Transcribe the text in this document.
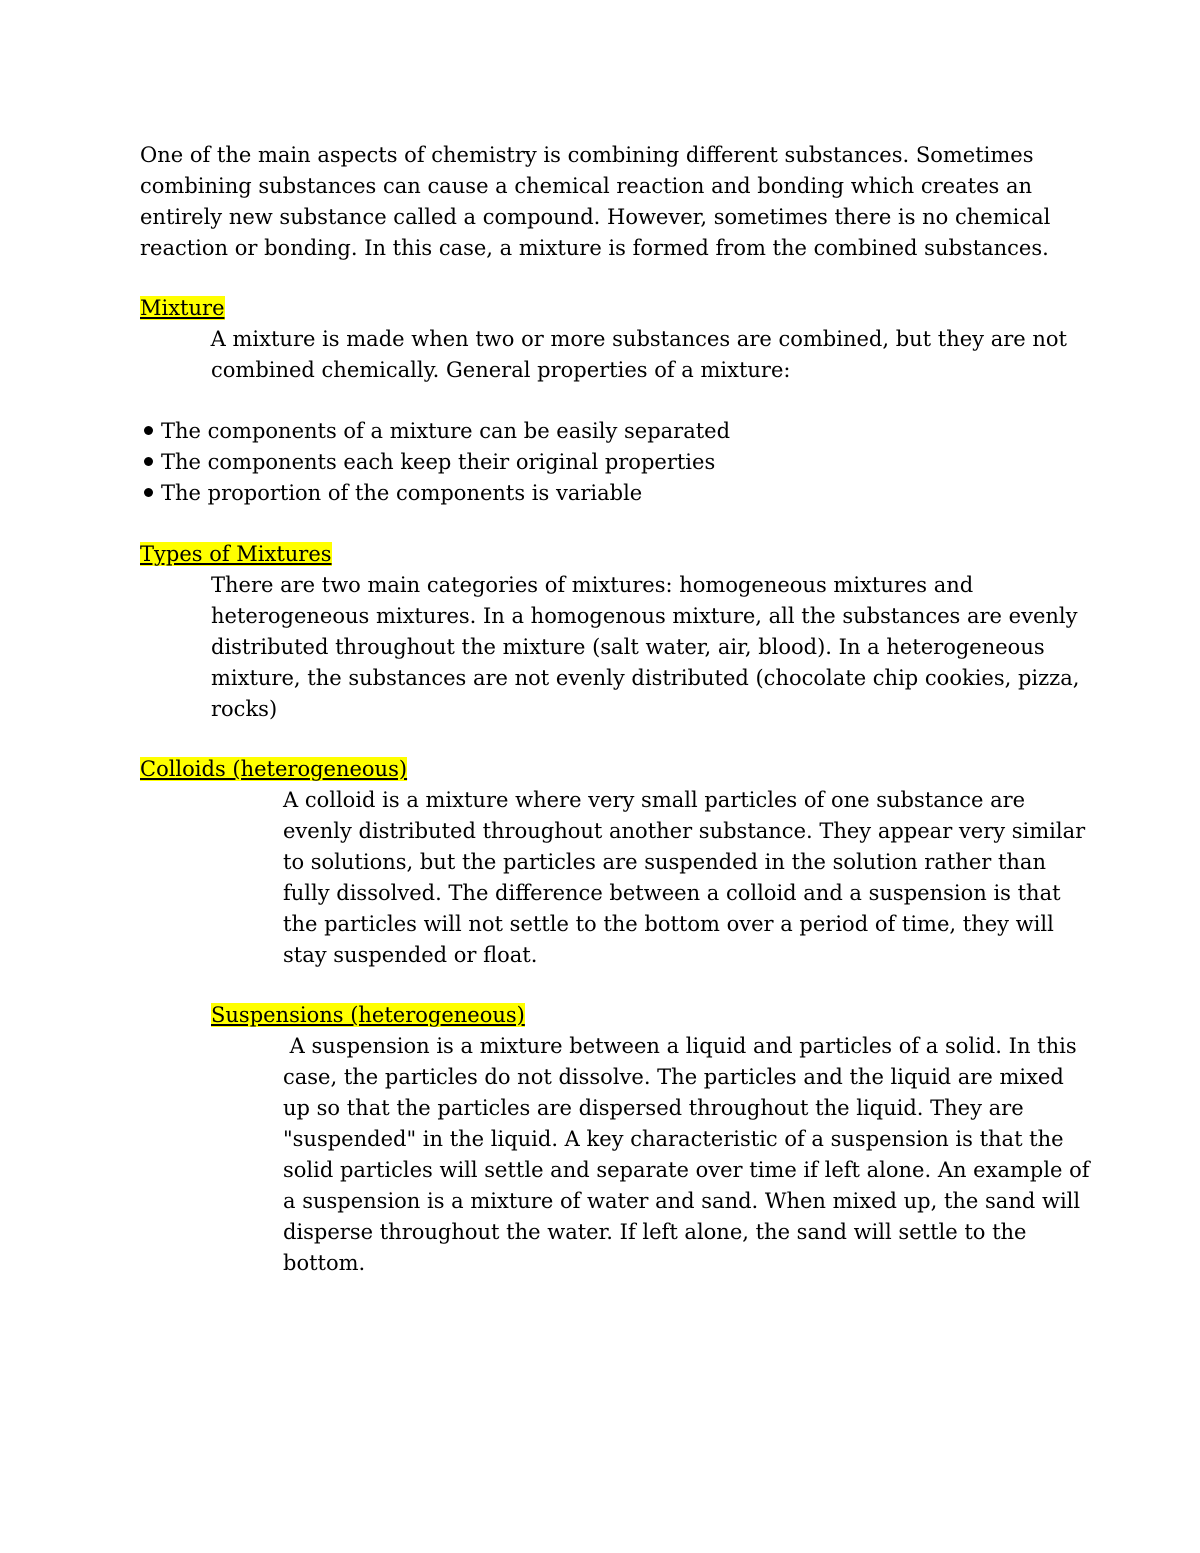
One of the main aspects of chemistry is combining different substances. Sometimes
combining substances can cause a chemical reaction and bonding which creates an
entirely new substance called a compound. However, sometimes there is no chemical
reaction or bonding. In this case, a mixture is formed from the combined substances.

Mixture

A mixture is made when two or more substances are combined, but they are not
combined chemically. General properties of a mixture:

The components of a mixture can be easily separated
The components each keep their original properties
The proportion of the components is variable

Types of Mixtures

There are two main categories of mixtures: homogeneous mixtures and
heterogeneous mixtures. In a homogenous mixture, all the substances are evenly
distributed throughout the mixture (salt water, air, blood). In a heterogeneous
mixture, the substances are not evenly distributed (chocolate chip cookies, pizza,
rocks)

Colloids (heterogeneous)

A colloid is a mixture where very small particles of one substance are
evenly distributed throughout another substance. They appear very similar
to solutions, but the particles are suspended in the solution rather than
fully dissolved. The difference between a colloid and a suspension is that
the particles will not settle to the bottom over a period of time, they will
stay suspended or float.

Suspensions (heterogeneous)

A suspension is a mixture between a liquid and particles of a solid. In this
case, the particles do not dissolve. The particles and the liquid are mixed
up so that the particles are dispersed throughout the liquid. They are
"suspended" in the liquid. A key characteristic of a suspension is that the
solid particles will settle and separate over time if left alone. An example of
a suspension is a mixture of water and sand. When mixed up, the sand will
disperse throughout the water. If left alone, the sand will settle to the
bottom.
